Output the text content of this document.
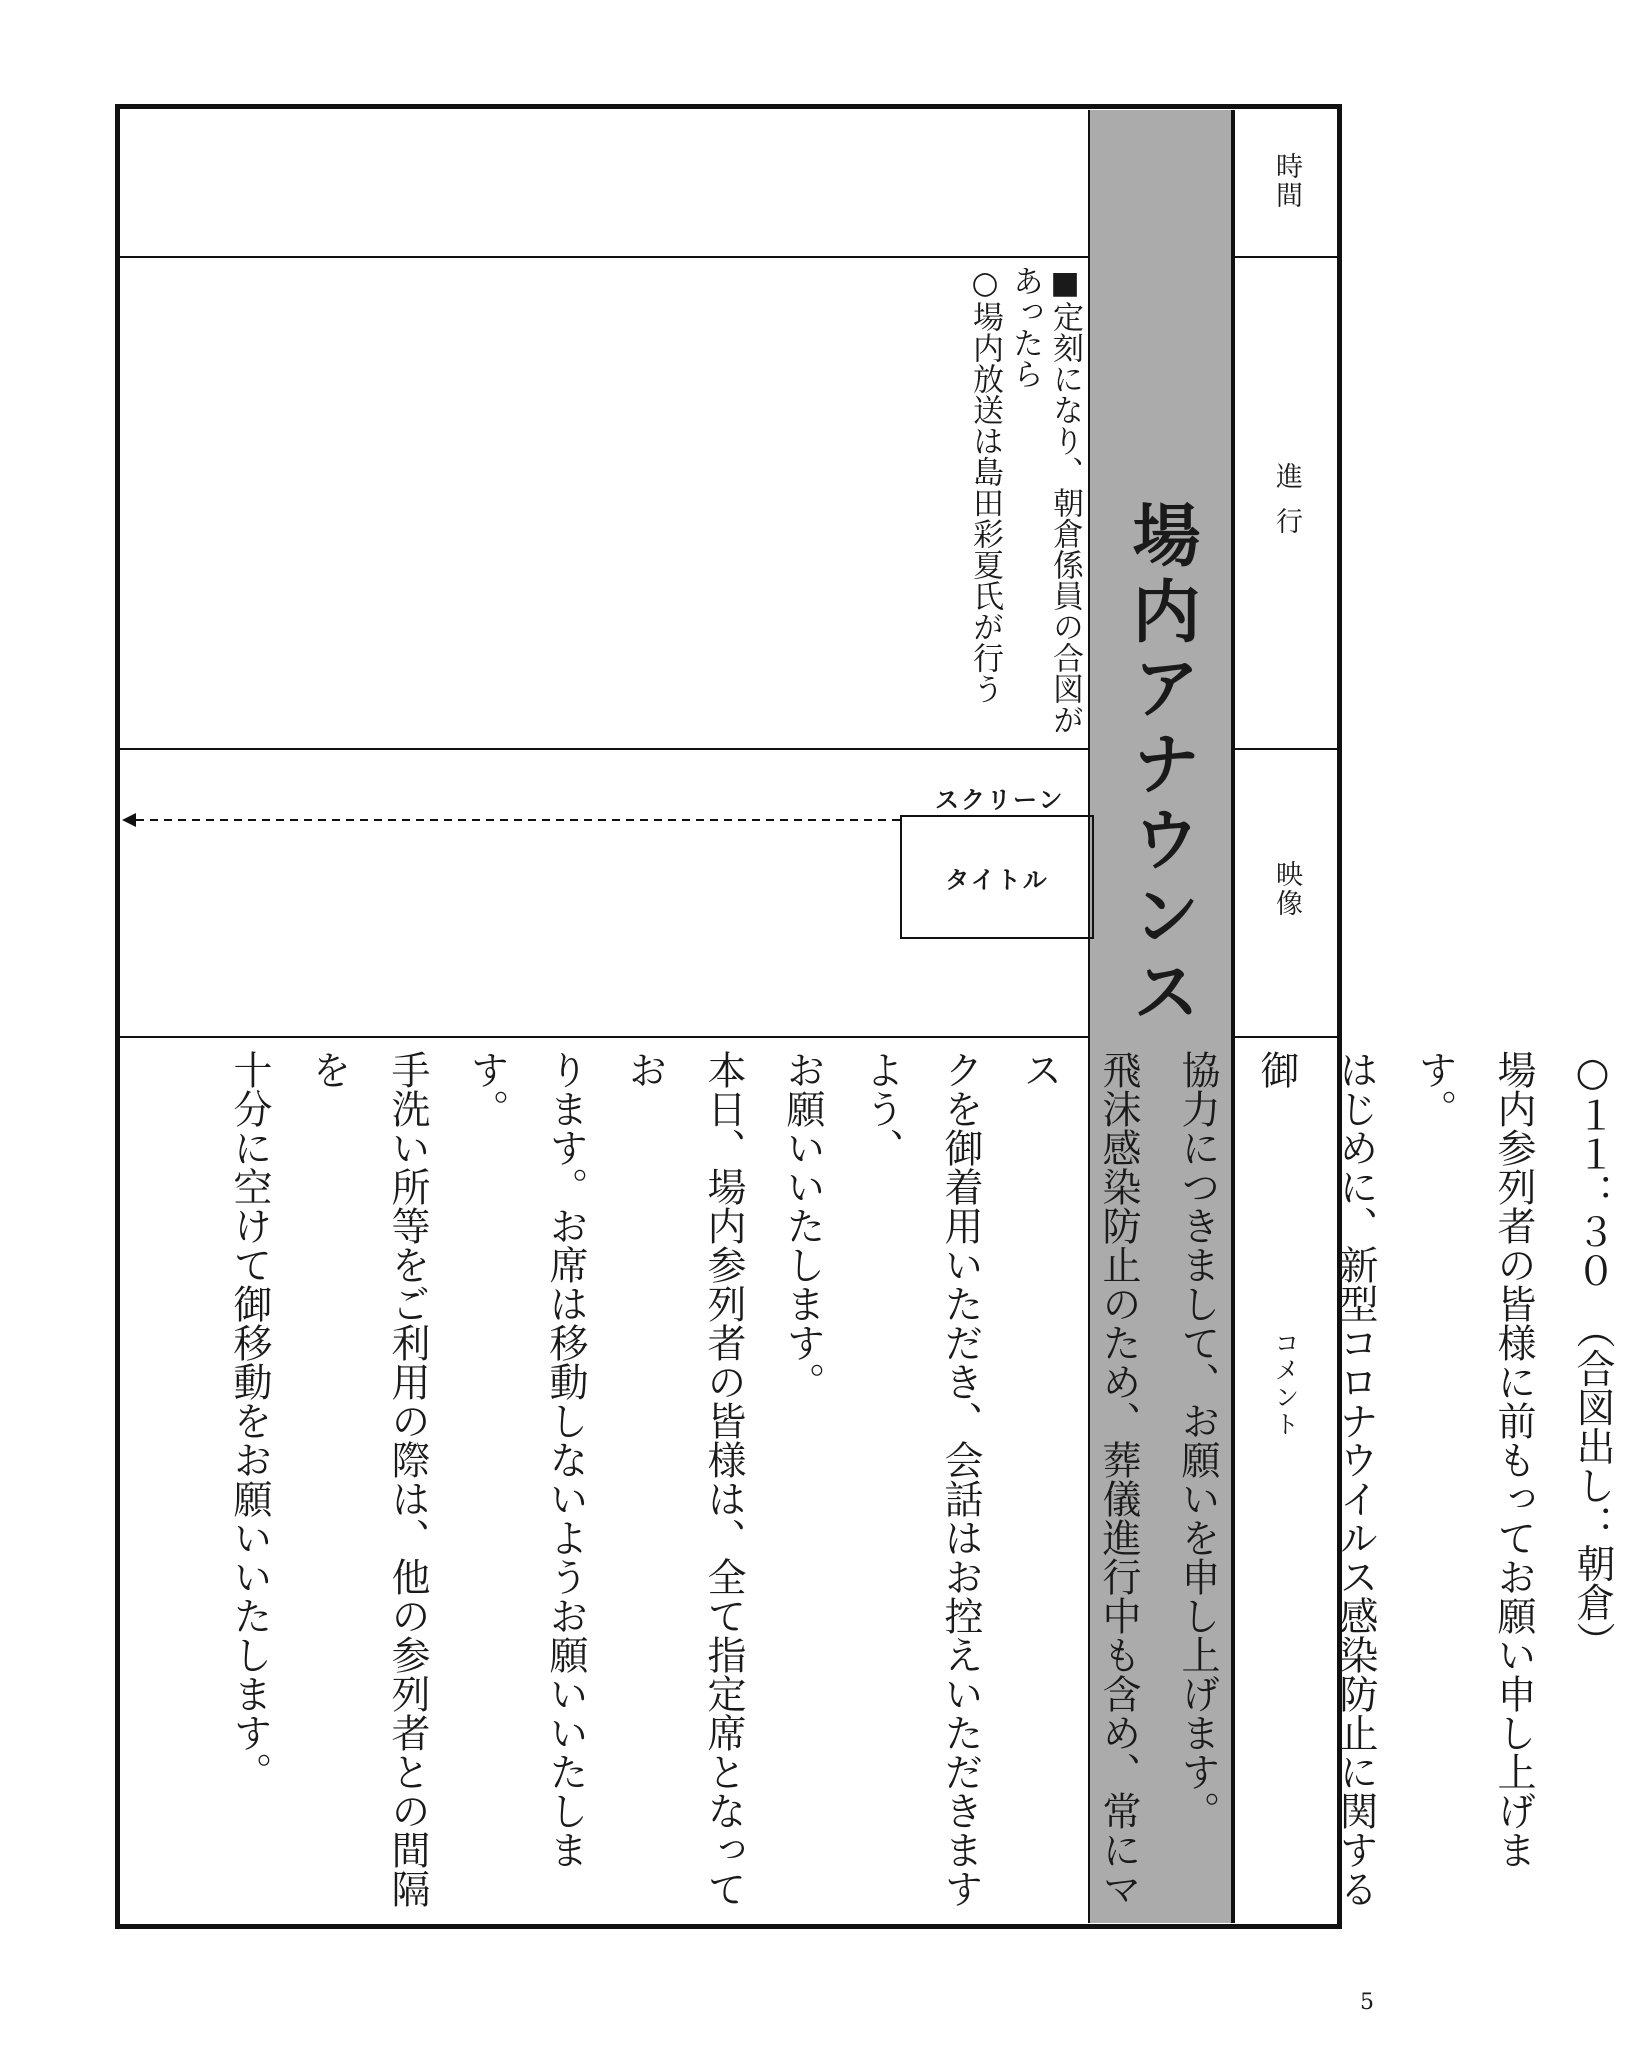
場内アナウンス
時間
進行
映像
コメント
■定刻になり、朝倉係員の合図が
あったら
○場内放送は島田彩夏氏が行う
スクリーン
タイトル
○１１：３０　（合図出し：朝倉）
場内参列者の皆様に前もってお願い申し上げます。
はじめに、新型コロナウイルス感染防止に関する御
協力につきまして、お願いを申し上げます。
飛沫感染防止のため、葬儀進行中も含め、常にマス
クを御着用いただき、会話はお控えいただきますよう、
お願いいたします。
本日、場内参列者の皆様は、全て指定席となってお
ります。お席は移動しないようお願いいたします。
手洗い所等をご利用の際は、他の参列者との間隔を
十分に空けて御移動をお願いいたします。
5
